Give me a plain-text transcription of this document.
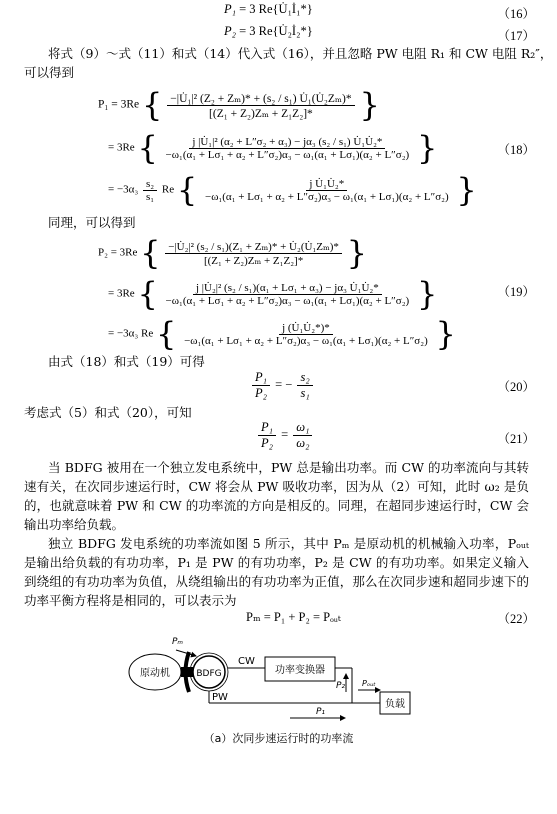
P₁ = 3 Re{U̇₁İ₁*}	（16）
P₂ = 3 Re{U̇₂İ₂*}	（17）
将式（9）～式（11）和式（14）代入式（16），并且忽略 PW 电阻 R₁ 和 CW 电阻 R₂″，
可以得到
P₁ = 3Re { $\frac{\text{−|U̇₁|² (Z₂ + Zₘ)* + (s₂ / s₁) U̇₁(U̇₂Zₘ)*}}{\text{[(Z₁ + Z₂)Zₘ + Z₁Z₂]*}}$ }
= 3Re { $\frac{\text{j |U̇₁|² (α₂ + L″σ₂ + α₃) − jα₃ (s₂ / s₁) U̇₁U̇₂*}}{\text{−ω₁(α₁ + Lσ₁ + α₂ + L″σ₂)α₃ − ω₁(α₁ + Lσ₁)(α₂ + L″σ₂)}}$ }	（18）
= $-3\alpha_3 \frac{\text{s₂}}{\text{s₁}}$ Re { $\frac{\text{j U̇₁U̇₂*}}{\text{−ω₁(α₁ + Lσ₁ + α₂ + L″σ₂)α₃ − ω₁(α₁ + Lσ₁)(α₂ + L″σ₂)}}$ }
同理，可以得到
P₂ = 3Re { $\frac{\text{−|U̇₂|² (s₂ / s₁)(Z₁ + Zₘ)* + U̇₂(U̇₁Zₘ)*}}{\text{[(Z₁ + Z₂)Zₘ + Z₁Z₂]*}}$ }
= 3Re { $\frac{\text{j |U̇₂|² (s₂ / s₁)(α₁ + Lσ₁ + α₃) − jα₃ U̇₁U̇₂*}}{\text{−ω₁(α₁ + Lσ₁ + α₂ + L″σ₂)α₃ − ω₁(α₁ + Lσ₁)(α₂ + L″σ₂)}}$ }	（19）
= −3α₃ Re { $\frac{\text{j (U̇₁U̇₂*)*}}{\text{−ω₁(α₁ + Lσ₁ + α₂ + L″σ₂)α₃ − ω₁(α₁ + Lσ₁)(α₂ + L″σ₂)}}$ }
由式（18）和式（19）可得
$\frac{\text{P₁}}{\text{P₂}}$ = − $\frac{\text{s₂}}{\text{s₁}}$	（20）
考虑式（5）和式（20），可知
$\frac{\text{P₁}}{\text{P₂}} = \frac{\text{ω₁}}{\text{ω₂}}$	（21）
当 BDFG 被用在一个独立发电系统中，PW 总是输出功率。而 CW 的功率流向与其转速有关，在次同步速运行时，CW 将会从 PW 吸收功率，因为从（2）可知，此时 ω₂ 是负的，也就意味着 PW 和 CW 的功率流的方向是相反的。同理，在超同步速运行时，CW 会输出功率给负载。
独立 BDFG 发电系统的功率流如图 5 所示，其中 Pₘ 是原动机的机械输入功率，Pₒᵤₜ 是输出给负载的有功功率，P₁ 是 PW 的有功功率，P₂ 是 CW 的有功功率。如果定义输入到绕组的有功功率为负值，从绕组输出的有功功率为正值，那么在次同步速和超同步速下的功率平衡方程将是相同的，可以表示为
Pₘ = P₁ + P₂ = Pₒᵤₜ	（22）
原动机	BDFG
Pₘ
CW
功率变换器
P₂
PW
Pₒᵤₜ
负载
P₁
（a）次同步速运行时的功率流
